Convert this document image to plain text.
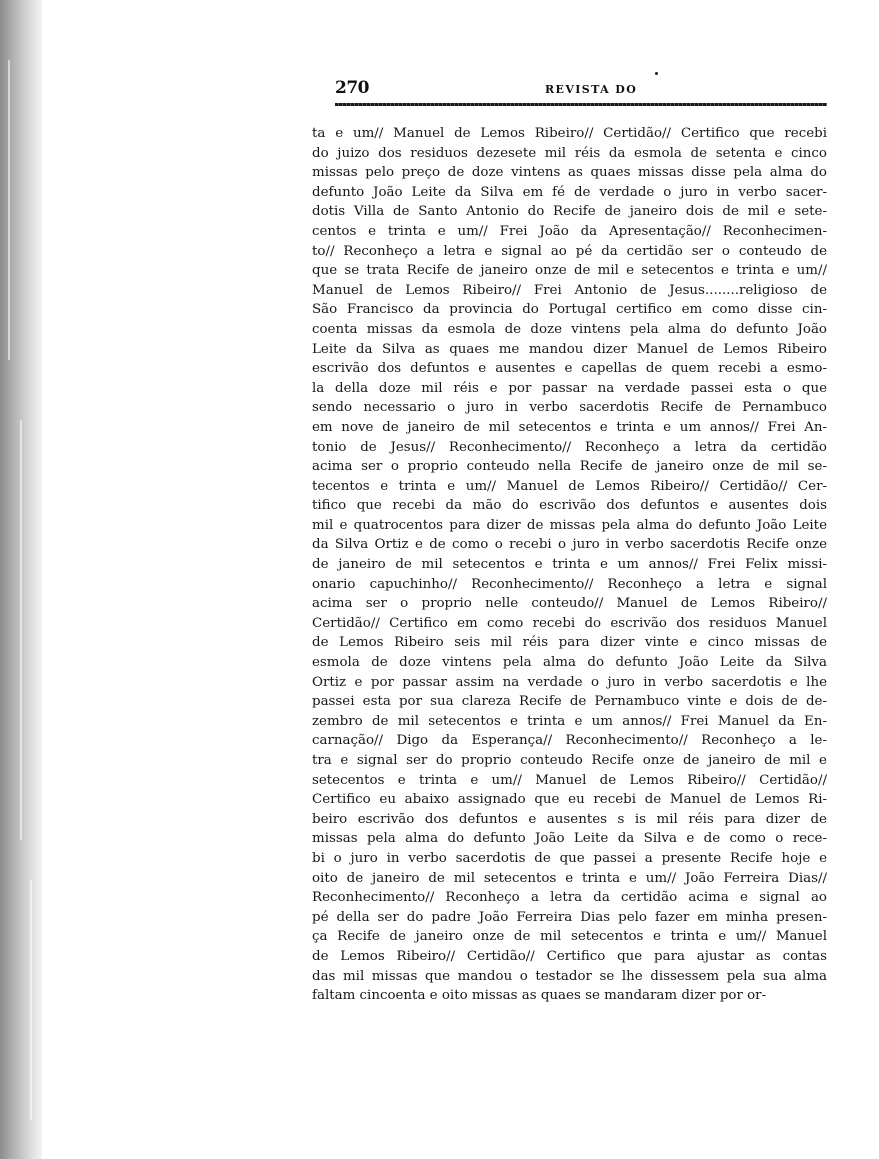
270	REVISTA DO
ta e um// Manuel de Lemos Ribeiro// Certidão// Certifico que recebi
do juizo dos residuos dezesete mil réis da esmola de setenta e cinco
missas pelo preço de doze vintens as quaes missas disse pela alma do
defunto João Leite da Silva em fé de verdade o juro in verbo sacer-
dotis Villa de Santo Antonio do Recife de janeiro dois de mil e sete-
centos e trinta e um// Frei João da Apresentação// Reconhecimen-
to// Reconheço a letra e signal ao pé da certidão ser o conteudo de
que se trata Recife de janeiro onze de mil e setecentos e trinta e um//
Manuel de Lemos Ribeiro// Frei Antonio de Jesus........religioso de
São Francisco da provincia do Portugal certifico em como disse cin-
coenta missas da esmola de doze vintens pela alma do defunto João
Leite da Silva as quaes me mandou dizer Manuel de Lemos Ribeiro
escrivão dos defuntos e ausentes e capellas de quem recebi a esmo-
la della doze mil réis e por passar na verdade passei esta o que
sendo necessario o juro in verbo sacerdotis Recife de Pernambuco
em nove de janeiro de mil setecentos e trinta e um annos// Frei An-
tonio de Jesus// Reconhecimento// Reconheço a letra da certidão
acima ser o proprio conteudo nella Recife de janeiro onze de mil se-
tecentos e trinta e um// Manuel de Lemos Ribeiro// Certidão// Cer-
tifico que recebi da mão do escrivão dos defuntos e ausentes dois
mil e quatrocentos para dizer de missas pela alma do defunto João Leite
da Silva Ortiz e de como o recebi o juro in verbo sacerdotis Recife onze
de janeiro de mil setecentos e trinta e um annos// Frei Felix missi-
onario capuchinho// Reconhecimento// Reconheço a letra e signal
acima ser o proprio nelle conteudo// Manuel de Lemos Ribeiro//
Certidão// Certifico em como recebi do escrivão dos residuos Manuel
de Lemos Ribeiro seis mil réis para dizer vinte e cinco missas de
esmola de doze vintens pela alma do defunto João Leite da Silva
Ortiz e por passar assim na verdade o juro in verbo sacerdotis e lhe
passei esta por sua clareza Recife de Pernambuco vinte e dois de de-
zembro de mil setecentos e trinta e um annos// Frei Manuel da En-
carnação// Digo da Esperança// Reconhecimento// Reconheço a le-
tra e signal ser do proprio conteudo Recife onze de janeiro de mil e
setecentos e trinta e um// Manuel de Lemos Ribeiro// Certidão//
Certifico eu abaixo assignado que eu recebi de Manuel de Lemos Ri-
beiro escrivão dos defuntos e ausentes s is mil réis para dizer de
missas pela alma do defunto João Leite da Silva e de como o rece-
bi o juro in verbo sacerdotis de que passei a presente Recife hoje e
oito de janeiro de mil setecentos e trinta e um// João Ferreira Dias//
Reconhecimento// Reconheço a letra da certidão acima e signal ao
pé della ser do padre João Ferreira Dias pelo fazer em minha presen-
ça Recife de janeiro onze de mil setecentos e trinta e um// Manuel
de Lemos Ribeiro// Certidão// Certifico que para ajustar as contas
das mil missas que mandou o testador se lhe dissessem pela sua alma
faltam cincoenta e oito missas as quaes se mandaram dizer por or-
